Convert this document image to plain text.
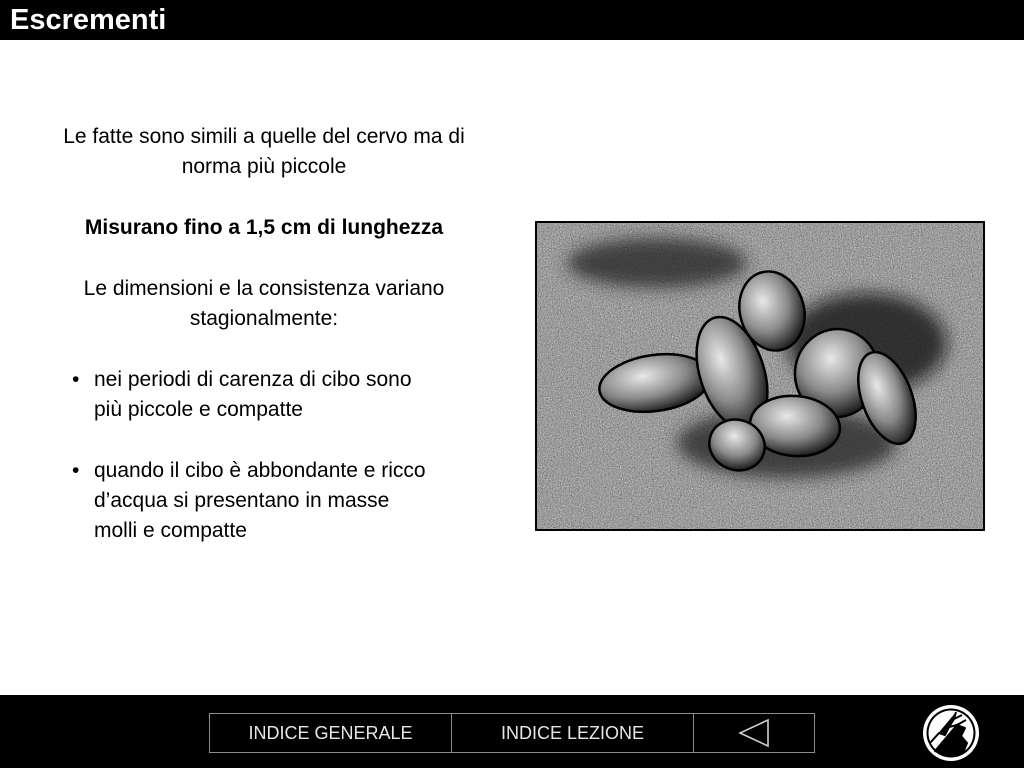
Escrementi

Le fatte sono simili a quelle del cervo ma di norma più piccole

Misurano fino a 1,5 cm di lunghezza

Le dimensioni e la consistenza variano stagionalmente:

• nei periodi di carenza di cibo sono più piccole e compatte
• quando il cibo è abbondante e ricco d’acqua si presentano in masse molli e compatte
INDICE GENERALE	INDICE LEZIONE
